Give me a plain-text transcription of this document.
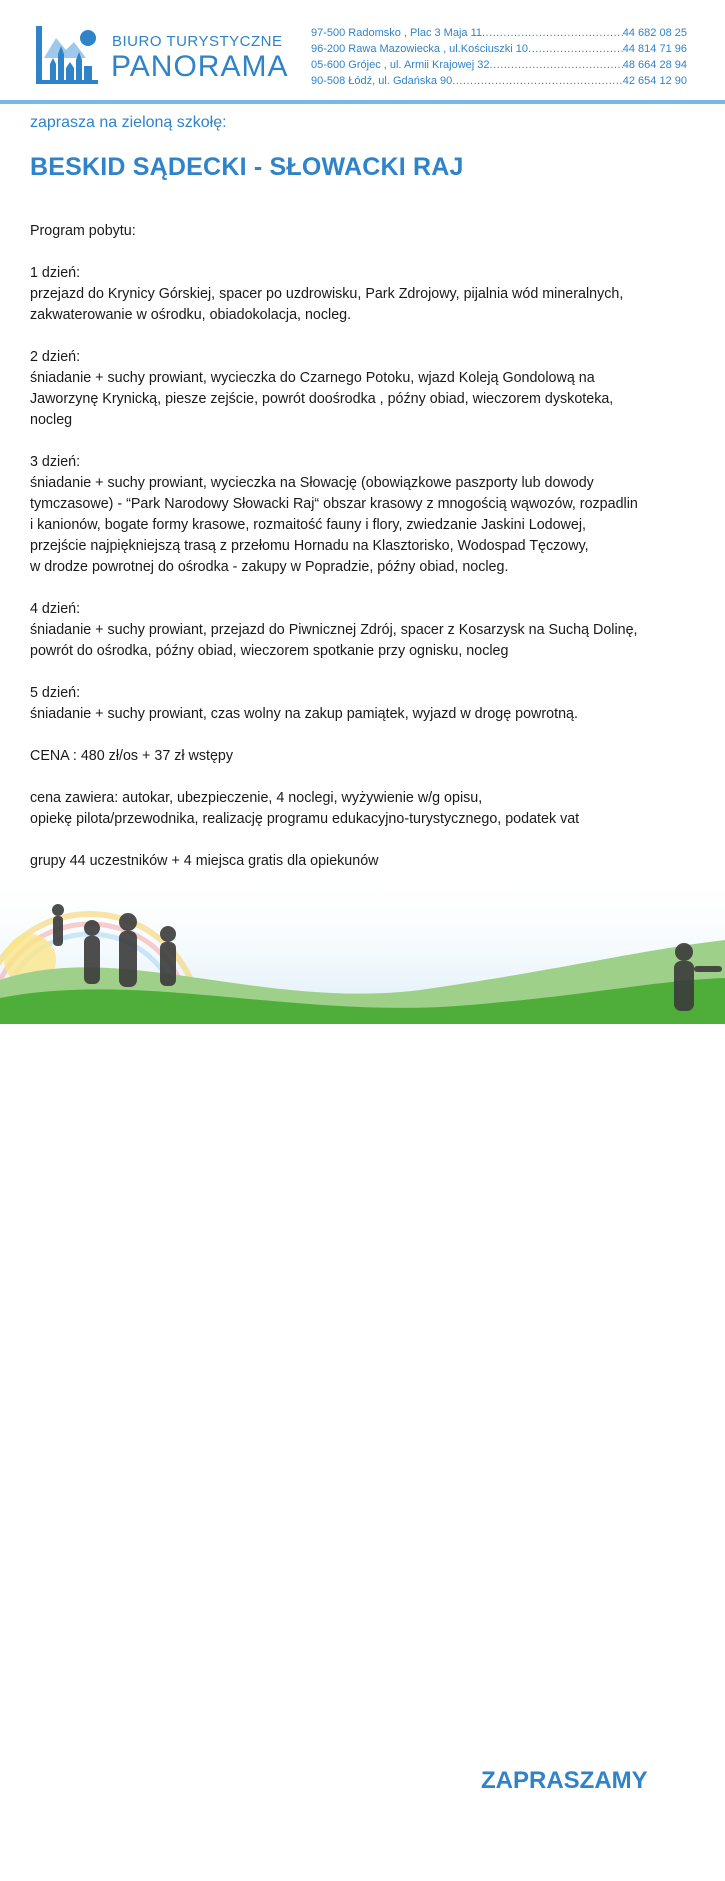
BIURO TURYSTYCZNE
PANORAMA
97-500 Radomsko , Plac 3 Maja 11 .....	44 682 08 25
96-200 Rawa Mazowiecka , ul.Kościuszki 10 .....	44 814 71 96
05-600 Grójec , ul. Armii Krajowej 32 .....	48 664 28 94
90-508 Łódź, ul. Gdańska 90 .....	42 654 12 90
zaprasza na zieloną szkołę:
BESKID SĄDECKI - SŁOWACKI RAJ

Program pobytu:

1 dzień:

przejazd do Krynicy Górskiej, spacer po uzdrowisku, Park Zdrojowy, pijalnia wód mineralnych,

zakwaterowanie w ośrodku, obiadokolacja, nocleg.

2 dzień:

śniadanie + suchy prowiant, wycieczka do Czarnego Potoku, wjazd Koleją Gondolową na

Jaworzynę Krynicką, piesze zejście, powrót doośrodka , późny obiad, wieczorem dyskoteka,

nocleg

3 dzień:

śniadanie + suchy prowiant, wycieczka na Słowację (obowiązkowe paszporty lub dowody

tymczasowe) - “Park Narodowy Słowacki Raj“ obszar krasowy z mnogością wąwozów, rozpadlin

i kanionów, bogate formy krasowe, rozmaitość fauny i flory, zwiedzanie Jaskini Lodowej,

przejście najpiękniejszą trasą z przełomu Hornadu na Klasztorisko, Wodospad Tęczowy,

w drodze powrotnej do ośrodka - zakupy w Popradzie, późny obiad, nocleg.

4 dzień:

śniadanie + suchy prowiant, przejazd do Piwnicznej Zdrój, spacer z Kosarzysk na Suchą Dolinę,

powrót do ośrodka, późny obiad, wieczorem spotkanie przy ognisku, nocleg

5 dzień:

śniadanie + suchy prowiant, czas wolny na zakup pamiątek, wyjazd w drogę powrotną.

CENA : 480 zł/os + 37 zł wstępy

cena zawiera: autokar, ubezpieczenie, 4 noclegi, wyżywienie w/g opisu,

opiekę pilota/przewodnika, realizację programu edukacyjno-turystycznego, podatek vat

grupy 44 uczestników + 4 miejsca gratis dla opiekunów

ZAPRASZAMY
www.biuropanorama.pl
